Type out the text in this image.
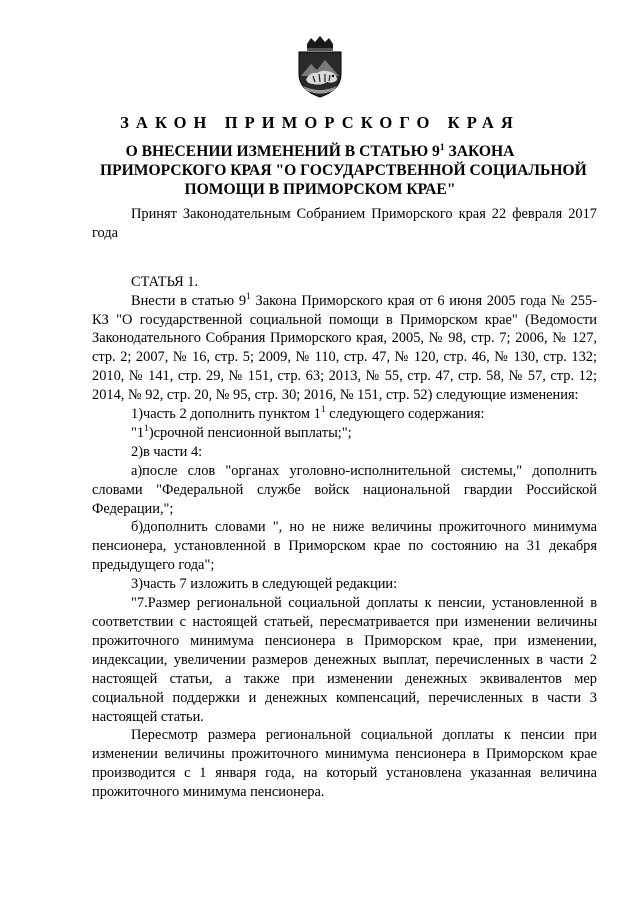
ЗАКОН ПРИМОРСКОГО КРАЯ
О ВНЕСЕНИИ ИЗМЕНЕНИЙ В СТАТЬЮ $9^1$ ЗАКОНА
ПРИМОРСКОГО КРАЯ "О ГОСУДАРСТВЕННОЙ СОЦИАЛЬНОЙ
ПОМОЩИ В ПРИМОРСКОМ КРАЕ"

Принят Законодательным Собранием Приморского края 22 февраля 2017 года

СТАТЬЯ 1.

Внести в статью $9^1$ Закона Приморского края от 6 июня 2005 года № 255-КЗ "О государственной социальной помощи в Приморском крае" (Ведомости Законодательного Собрания Приморского края, 2005, № 98, стр. 7; 2006, № 127, стр. 2; 2007, № 16, стр. 5; 2009, № 110, стр. 47, № 120, стр. 46, № 130, стр. 132; 2010, № 141, стр. 29, № 151, стр. 63; 2013, № 55, стр. 47, стр. 58, № 57, стр. 12; 2014, № 92, стр. 20, № 95, стр. 30; 2016, № 151, стр. 52) следующие изменения:

1)часть 2 дополнить пунктом $1^1$ следующего содержания:

"$1^1)срочной$ пенсионной выплаты;";

2)в части 4:

а)после слов "органах уголовно-исполнительной системы," дополнить словами "Федеральной службе войск национальной гвардии Российской Федерации,";

б)дополнить словами ", но не ниже величины прожиточного минимума пенсионера, установленной в Приморском крае по состоянию на 31 декабря предыдущего года";

3)часть 7 изложить в следующей редакции:

"7.Размер региональной социальной доплаты к пенсии, установленной в соответствии с настоящей статьей, пересматривается при изменении величины прожиточного минимума пенсионера в Приморском крае, при изменении, индексации, увеличении размеров денежных выплат, перечисленных в части 2 настоящей статьи, а также при изменении денежных эквивалентов мер социальной поддержки и денежных компенсаций, перечисленных в части 3 настоящей статьи.

Пересмотр размера региональной социальной доплаты к пенсии при изменении величины прожиточного минимума пенсионера в Приморском крае производится с 1 января года, на который установлена указанная величина прожиточного минимума пенсионера.
